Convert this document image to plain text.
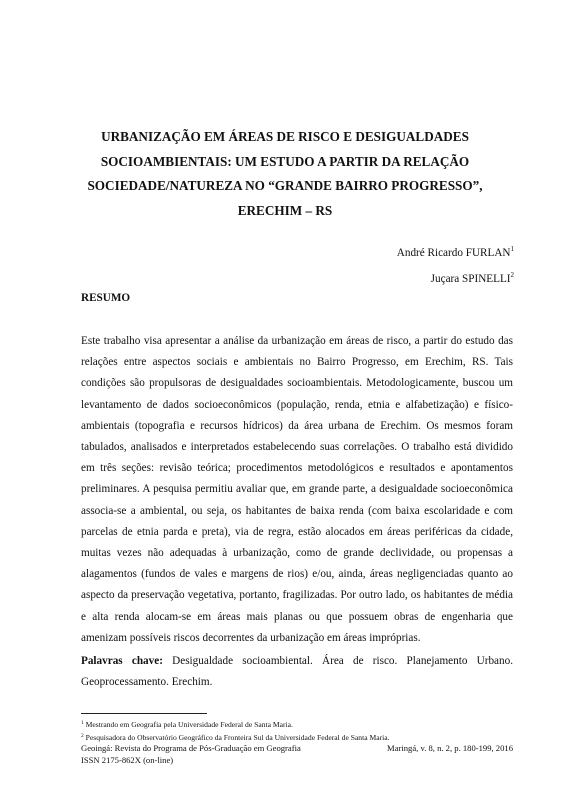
URBANIZAÇÃO EM ÁREAS DE RISCO E DESIGUALDADES
SOCIOAMBIENTAIS: UM ESTUDO A PARTIR DA RELAÇÃO
SOCIEDADE/NATUREZA NO “GRANDE BAIRRO PROGRESSO”,
ERECHIM – RS
André Ricardo FURLAN$^1$
Juçara SPINELLI$^2$
RESUMO

Este trabalho visa apresentar a análise da urbanização em áreas de risco, a partir do estudo das relações entre aspectos sociais e ambientais no Bairro Progresso, em Erechim, RS. Tais condições são propulsoras de desigualdades socioambientais. Metodologicamente, buscou um levantamento de dados socioeconômicos (população, renda, etnia e alfabetização) e físico-ambientais (topografia e recursos hídricos) da área urbana de Erechim. Os mesmos foram tabulados, analisados e interpretados estabelecendo suas correlações. O trabalho está dividido em três seções: revisão teórica; procedimentos metodológicos e resultados e apontamentos preliminares. A pesquisa permitiu avaliar que, em grande parte, a desigualdade socioeconômica associa-se a ambiental, ou seja, os habitantes de baixa renda (com baixa escolaridade e com parcelas de etnia parda e preta), via de regra, estão alocados em áreas periféricas da cidade, muitas vezes não adequadas à urbanização, como de grande declividade, ou propensas a alagamentos (fundos de vales e margens de rios) e/ou, ainda, áreas negligenciadas quanto ao aspecto da preservação vegetativa, portanto, fragilizadas. Por outro lado, os habitantes de média e alta renda alocam-se em áreas mais planas ou que possuem obras de engenharia que amenizam possíveis riscos decorrentes da urbanização em áreas impróprias.

Palavras chave: Desigualdade socioambiental. Área de risco. Planejamento Urbano. Geoprocessamento. Erechim.

$^1$ Mestrando em Geografia pela Universidade Federal de Santa Maria.
$^2$ Pesquisadora do Observatório Geográfico da Fronteira Sul da Universidade Federal de Santa Maria.
Geoingá: Revista do Programa de Pós-Graduação em Geografia	Maringá, v. 8, n. 2, p. 180-199, 2016
ISSN 2175-862X (on-line)
